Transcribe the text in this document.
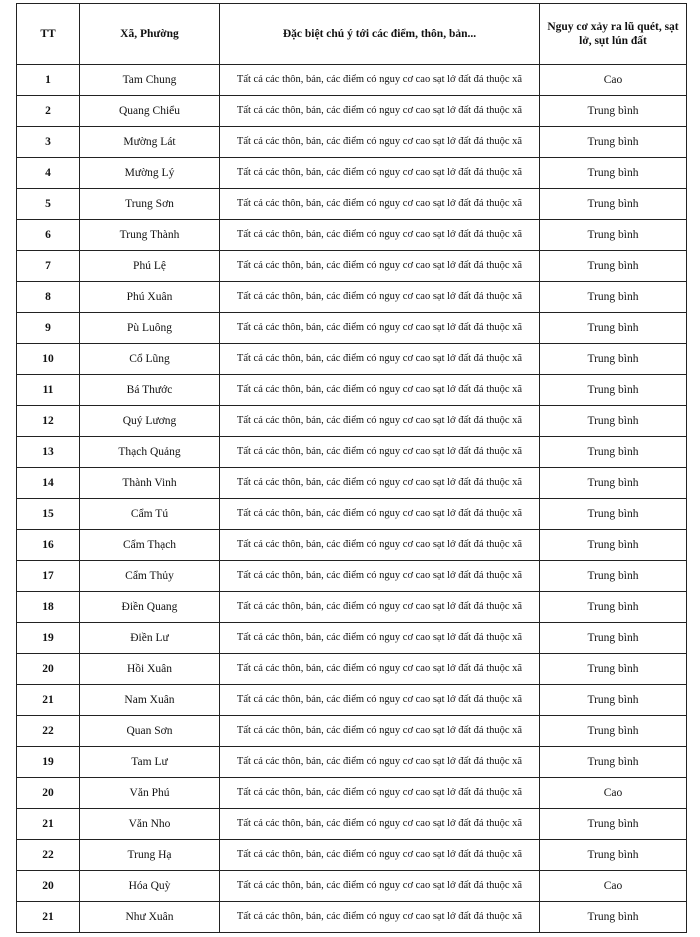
TT	Xã, Phường	Đặc biệt chú ý tới các điểm, thôn, bản...	Nguy cơ xảy ra lũ quét, sạt lở, sụt lún đất
1	Tam Chung	Tất cả các thôn, bản, các điểm có nguy cơ cao sạt lở đất đá thuộc xã	Cao
2	Quang Chiểu	Tất cả các thôn, bản, các điểm có nguy cơ cao sạt lở đất đá thuộc xã	Trung bình
3	Mường Lát	Tất cả các thôn, bản, các điểm có nguy cơ cao sạt lở đất đá thuộc xã	Trung bình
4	Mường Lý	Tất cả các thôn, bản, các điểm có nguy cơ cao sạt lở đất đá thuộc xã	Trung bình
5	Trung Sơn	Tất cả các thôn, bản, các điểm có nguy cơ cao sạt lở đất đá thuộc xã	Trung bình
6	Trung Thành	Tất cả các thôn, bản, các điểm có nguy cơ cao sạt lở đất đá thuộc xã	Trung bình
7	Phú Lệ	Tất cả các thôn, bản, các điểm có nguy cơ cao sạt lở đất đá thuộc xã	Trung bình
8	Phú Xuân	Tất cả các thôn, bản, các điểm có nguy cơ cao sạt lở đất đá thuộc xã	Trung bình
9	Pù Luông	Tất cả các thôn, bản, các điểm có nguy cơ cao sạt lở đất đá thuộc xã	Trung bình
10	Cổ Lũng	Tất cả các thôn, bản, các điểm có nguy cơ cao sạt lở đất đá thuộc xã	Trung bình
11	Bá Thước	Tất cả các thôn, bản, các điểm có nguy cơ cao sạt lở đất đá thuộc xã	Trung bình
12	Quý Lương	Tất cả các thôn, bản, các điểm có nguy cơ cao sạt lở đất đá thuộc xã	Trung bình
13	Thạch Quảng	Tất cả các thôn, bản, các điểm có nguy cơ cao sạt lở đất đá thuộc xã	Trung bình
14	Thành Vinh	Tất cả các thôn, bản, các điểm có nguy cơ cao sạt lở đất đá thuộc xã	Trung bình
15	Cẩm Tú	Tất cả các thôn, bản, các điểm có nguy cơ cao sạt lở đất đá thuộc xã	Trung bình
16	Cẩm Thạch	Tất cả các thôn, bản, các điểm có nguy cơ cao sạt lở đất đá thuộc xã	Trung bình
17	Cẩm Thủy	Tất cả các thôn, bản, các điểm có nguy cơ cao sạt lở đất đá thuộc xã	Trung bình
18	Điền Quang	Tất cả các thôn, bản, các điểm có nguy cơ cao sạt lở đất đá thuộc xã	Trung bình
19	Điền Lư	Tất cả các thôn, bản, các điểm có nguy cơ cao sạt lở đất đá thuộc xã	Trung bình
20	Hồi Xuân	Tất cả các thôn, bản, các điểm có nguy cơ cao sạt lở đất đá thuộc xã	Trung bình
21	Nam Xuân	Tất cả các thôn, bản, các điểm có nguy cơ cao sạt lở đất đá thuộc xã	Trung bình
22	Quan Sơn	Tất cả các thôn, bản, các điểm có nguy cơ cao sạt lở đất đá thuộc xã	Trung bình
19	Tam Lư	Tất cả các thôn, bản, các điểm có nguy cơ cao sạt lở đất đá thuộc xã	Trung bình
20	Văn Phú	Tất cả các thôn, bản, các điểm có nguy cơ cao sạt lở đất đá thuộc xã	Cao
21	Văn Nho	Tất cả các thôn, bản, các điểm có nguy cơ cao sạt lở đất đá thuộc xã	Trung bình
22	Trung Hạ	Tất cả các thôn, bản, các điểm có nguy cơ cao sạt lở đất đá thuộc xã	Trung bình
20	Hóa Quỳ	Tất cả các thôn, bản, các điểm có nguy cơ cao sạt lở đất đá thuộc xã	Cao
21	Như Xuân	Tất cả các thôn, bản, các điểm có nguy cơ cao sạt lở đất đá thuộc xã	Trung bình
